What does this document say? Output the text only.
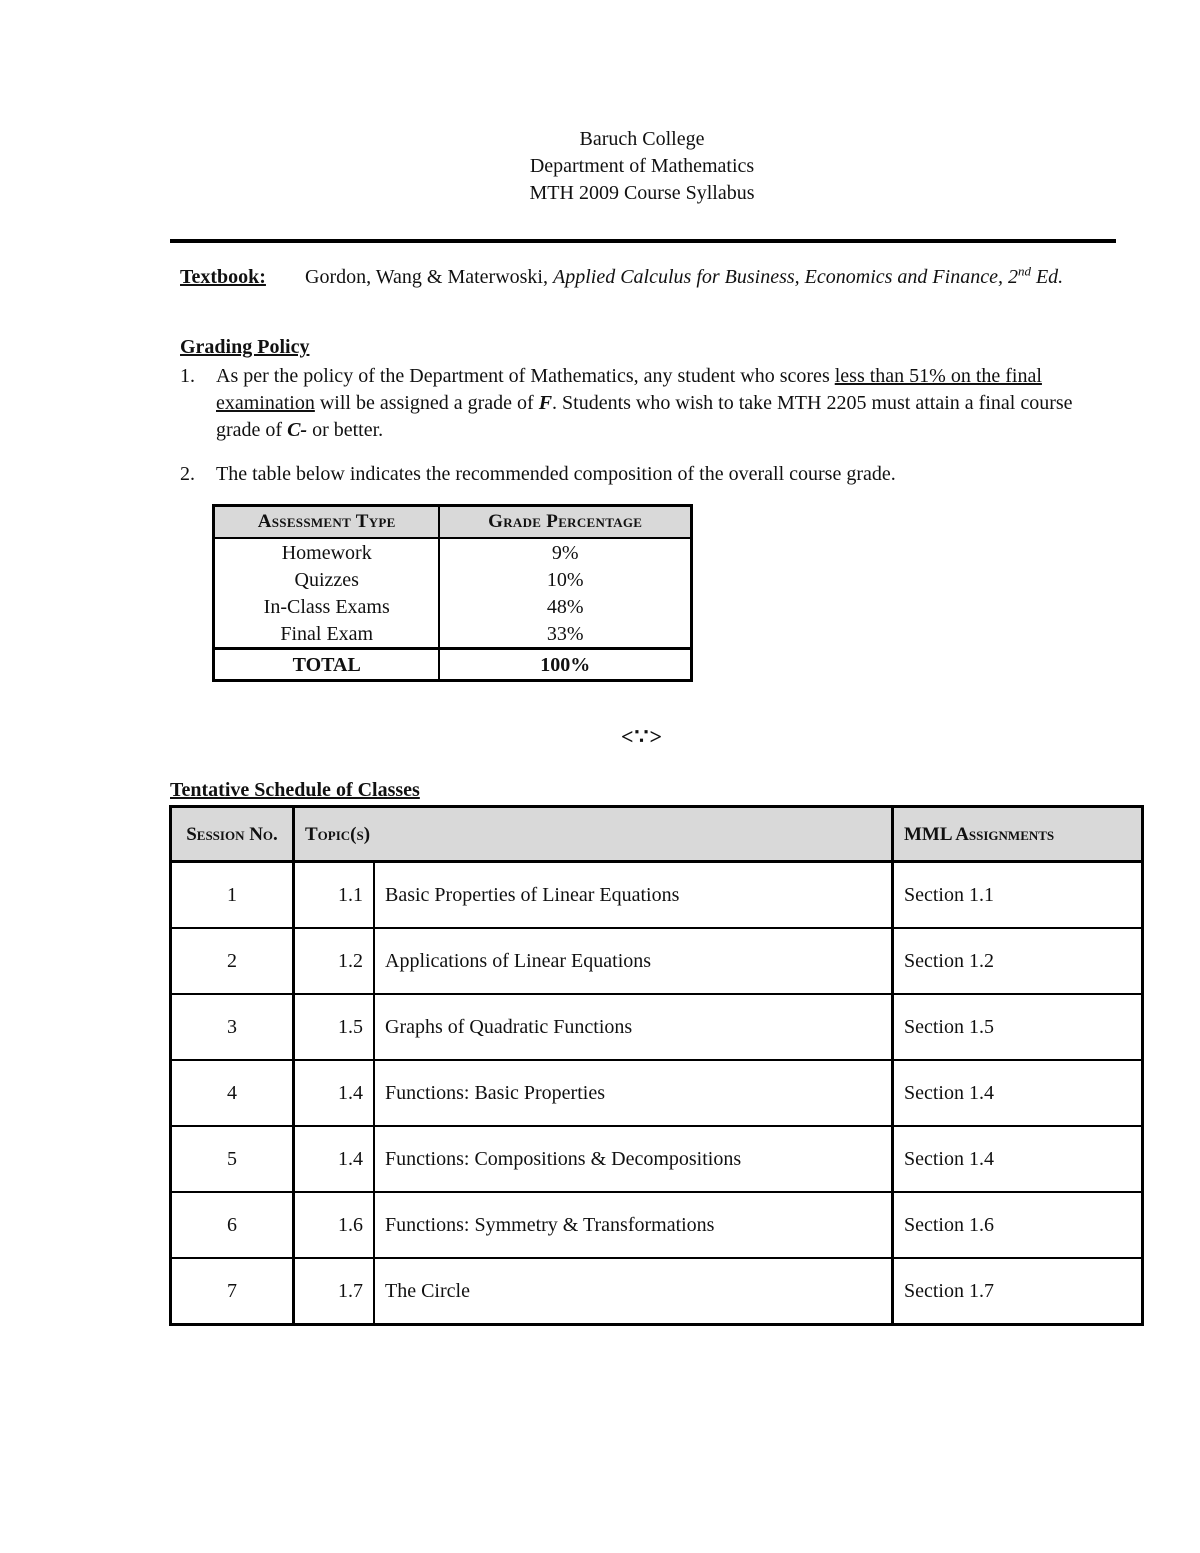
Baruch College
Department of Mathematics
MTH 2009 Course Syllabus
Textbook: Gordon, Wang & Materwoski, Applied Calculus for Business, Economics and Finance, 2nd Ed.
Grading Policy
1. As per the policy of the Department of Mathematics, any student who scores less than 51% on the final examination will be assigned a grade of F. Students who wish to take MTH 2205 must attain a final course grade of C- or better.
2. The table below indicates the recommended composition of the overall course grade.
Assessment Type	Grade Percentage
Homework	9%
Quizzes	10%
In-Class Exams	48%
Final Exam	33%
TOTAL	100%
<∵>
Tentative Schedule of Classes
Session No.	Topic(s)		MML Assignments
1	1.1	Basic Properties of Linear Equations	Section 1.1
2	1.2	Applications of Linear Equations	Section 1.2
3	1.5	Graphs of Quadratic Functions	Section 1.5
4	1.4	Functions: Basic Properties	Section 1.4
5	1.4	Functions: Compositions & Decompositions	Section 1.4
6	1.6	Functions: Symmetry & Transformations	Section 1.6
7	1.7	The Circle	Section 1.7
